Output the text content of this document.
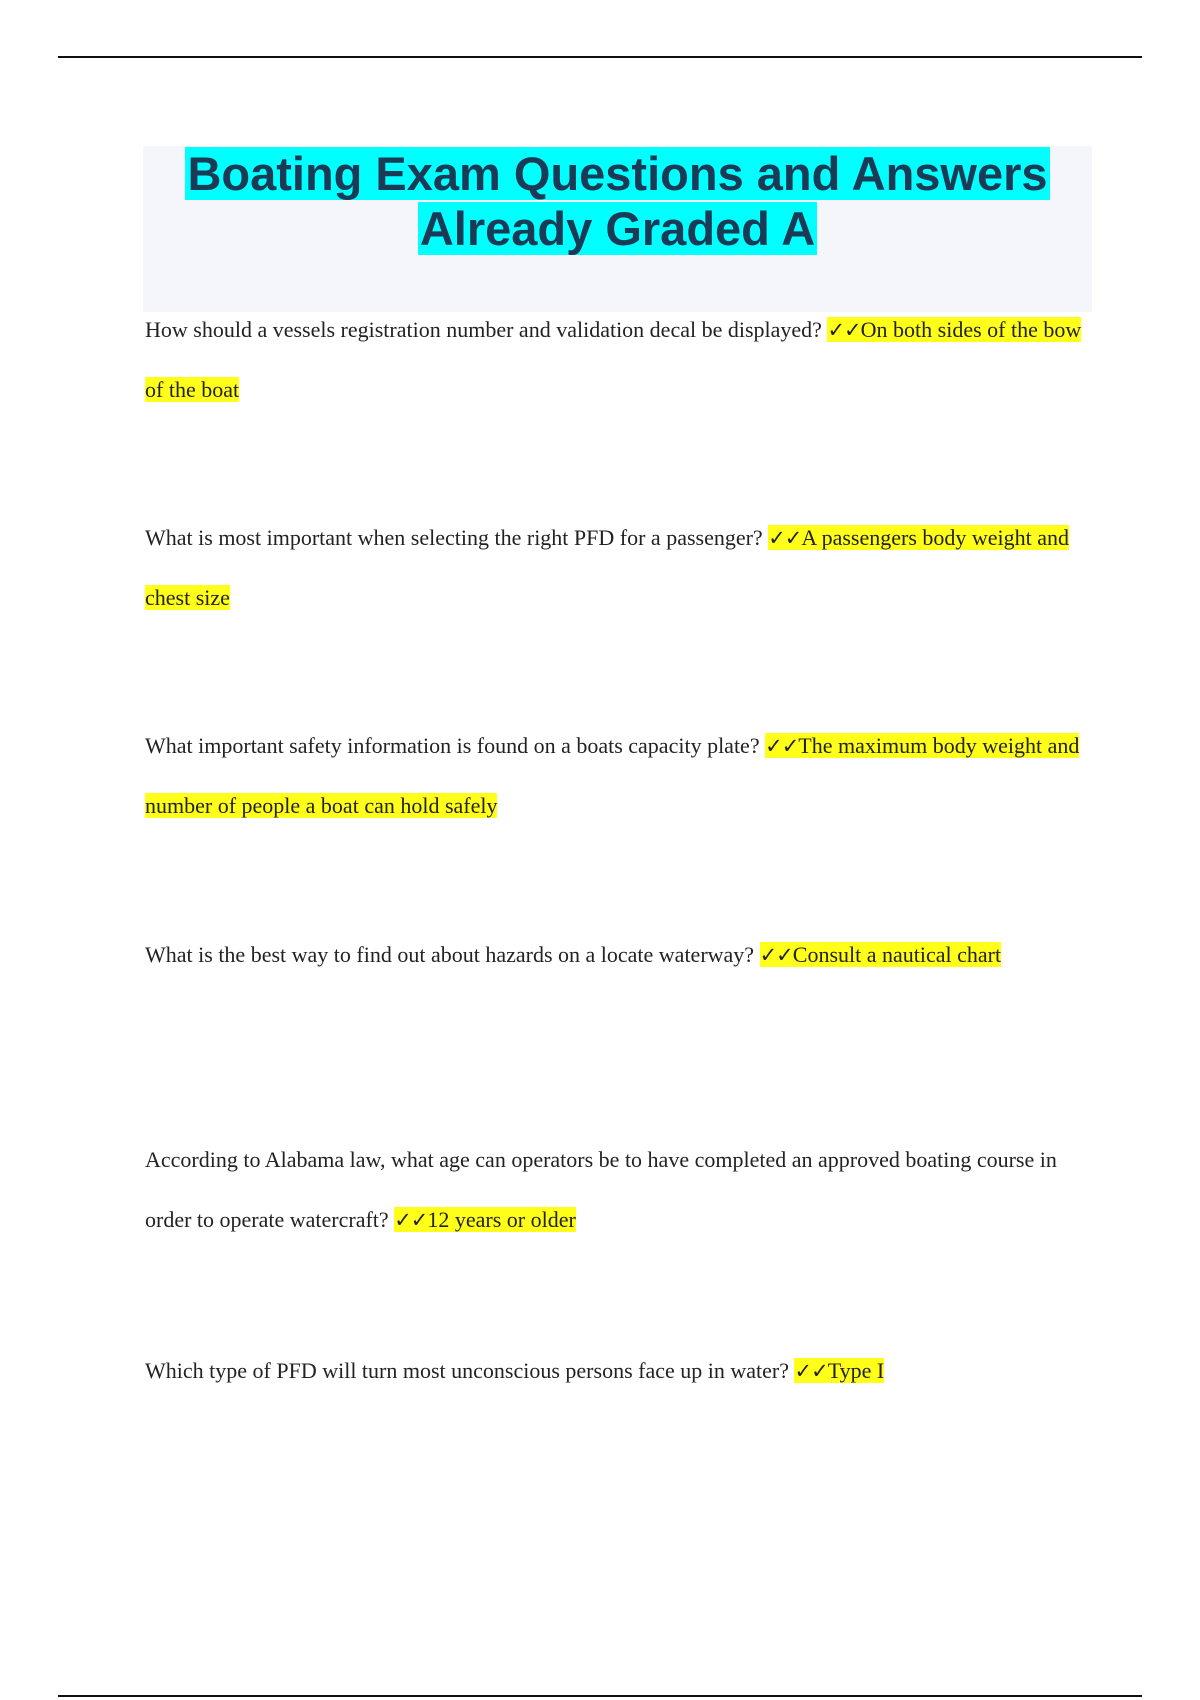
Boating Exam Questions and Answers
Already Graded A

How should a vessels registration number and validation decal be displayed? ✓✓On both sides of the bow of the boat

What is most important when selecting the right PFD for a passenger? ✓✓A passengers body weight and chest size

What important safety information is found on a boats capacity plate? ✓✓The maximum body weight and number of people a boat can hold safely

What is the best way to find out about hazards on a locate waterway? ✓✓Consult a nautical chart

According to Alabama law, what age can operators be to have completed an approved boating course in order to operate watercraft? ✓✓12 years or older

Which type of PFD will turn most unconscious persons face up in water? ✓✓Type I
